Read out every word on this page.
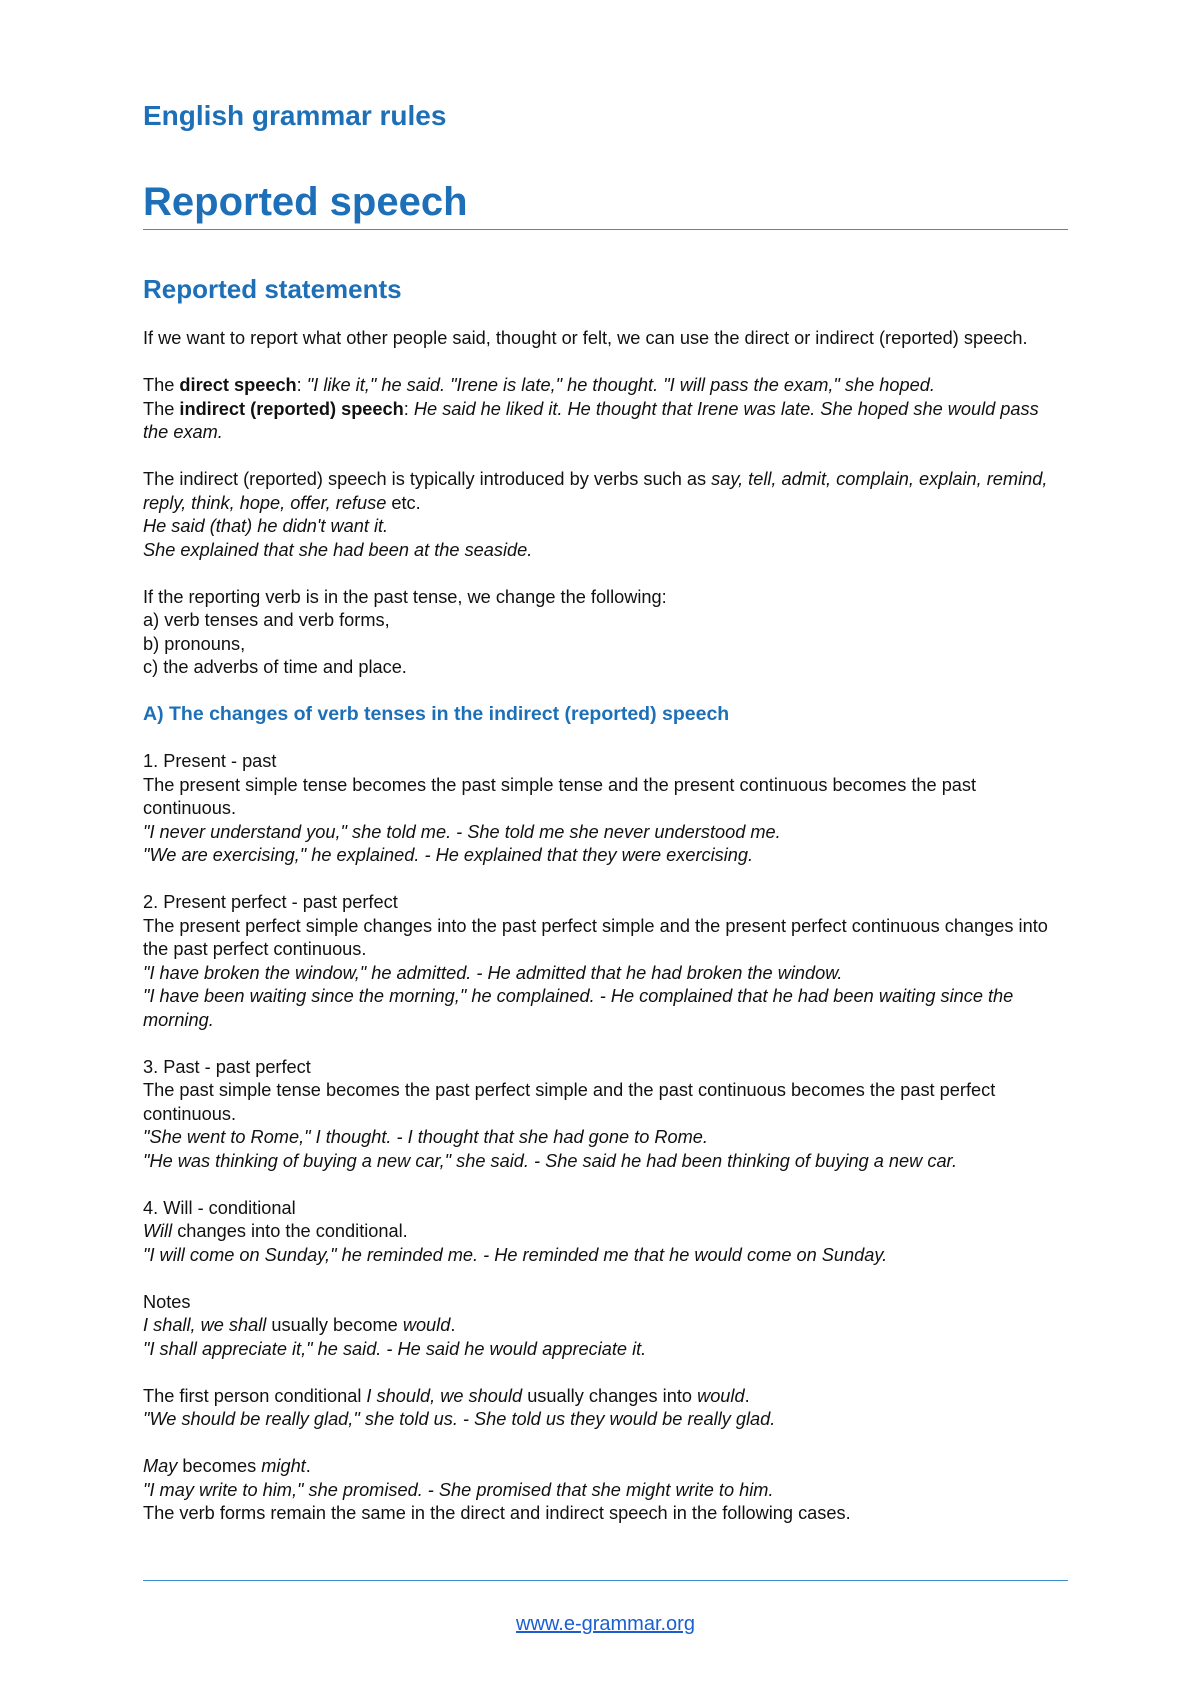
English grammar rules
Reported speech
Reported statements

If we want to report what other people said, thought or felt, we can use the direct or indirect (reported) speech.

The direct speech: "I like it," he said. "Irene is late," he thought. "I will pass the exam," she hoped.

The indirect (reported) speech: He said he liked it. He thought that Irene was late. She hoped she would pass the exam.

The indirect (reported) speech is typically introduced by verbs such as say, tell, admit, complain, explain, remind, reply, think, hope, offer, refuse etc.

He said (that) he didn't want it.

She explained that she had been at the seaside.

If the reporting verb is in the past tense, we change the following:

a) verb tenses and verb forms,

b) pronouns,

c) the adverbs of time and place.

A) The changes of verb tenses in the indirect (reported) speech

1. Present - past

The present simple tense becomes the past simple tense and the present continuous becomes the past continuous.

"I never understand you," she told me. - She told me she never understood me.

"We are exercising," he explained. - He explained that they were exercising.

2. Present perfect - past perfect

The present perfect simple changes into the past perfect simple and the present perfect continuous changes into the past perfect continuous.

"I have broken the window," he admitted. - He admitted that he had broken the window.

"I have been waiting since the morning," he complained. - He complained that he had been waiting since the morning.

3. Past - past perfect

The past simple tense becomes the past perfect simple and the past continuous becomes the past perfect continuous.

"She went to Rome," I thought. - I thought that she had gone to Rome.

"He was thinking of buying a new car," she said. - She said he had been thinking of buying a new car.

4. Will - conditional

Will changes into the conditional.

"I will come on Sunday," he reminded me. - He reminded me that he would come on Sunday.

Notes

I shall, we shall usually become would.

"I shall appreciate it," he said. - He said he would appreciate it.

The first person conditional I should, we should usually changes into would.

"We should be really glad," she told us. - She told us they would be really glad.

May becomes might.

"I may write to him," she promised. - She promised that she might write to him.

The verb forms remain the same in the direct and indirect speech in the following cases.

www.e-grammar.org
